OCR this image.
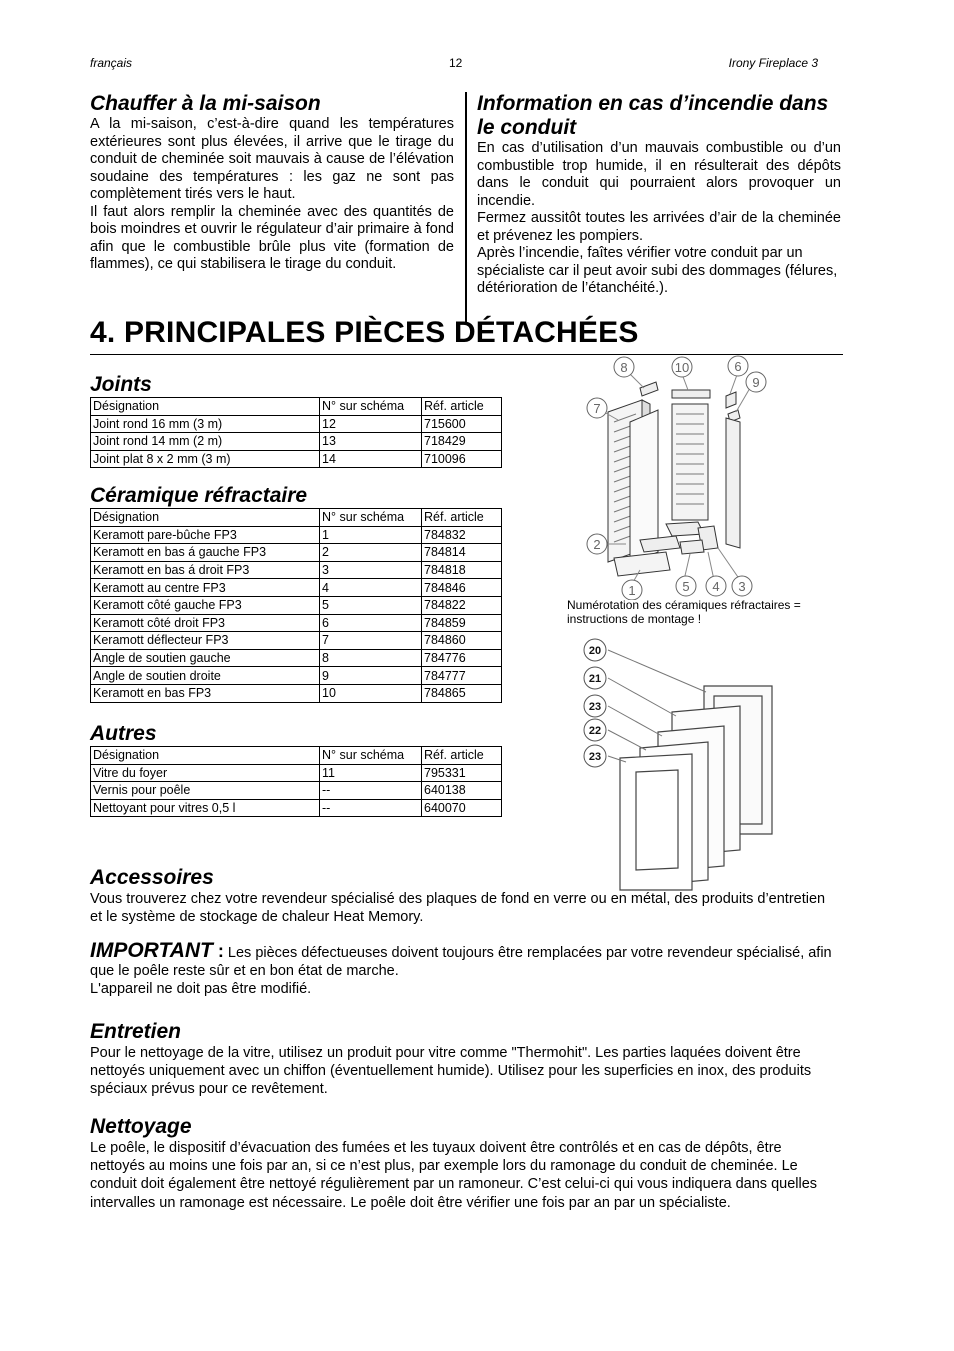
français	12	Irony Fireplace 3
Chauffer à la mi-saison

A la mi-saison, c’est-à-dire quand les températures extérieures sont plus élevées, il arrive que le tirage du conduit de cheminée soit mauvais à cause de l’élévation soudaine des températures : les gaz ne sont pas complètement tirés vers le haut.

Il faut alors remplir la cheminée avec des quantités de bois moindres et ouvrir le régulateur d’air primaire à fond afin que le combustible brûle plus vite (formation de flammes), ce qui stabilisera le tirage du conduit.

Information en cas d’incendie dans le conduit

En cas d’utilisation d’un mauvais combustible ou d’un combustible trop humide, il en résulterait des dépôts dans le conduit qui pourraient alors provoquer un incendie.

Fermez aussitôt toutes les arrivées d’air de la cheminée et prévenez les pompiers.

Après l’incendie, faîtes vérifier votre conduit par un spécialiste car il peut avoir subi des dommages (félures, détérioration de l’étanchéité.).

4. PRINCIPALES PIÈCES DÉTACHÉES
Joints
Désignation	N° sur schéma	Réf. article
Joint rond 16 mm (3 m)	12	715600
Joint rond 14 mm (2 m)	13	718429
Joint plat 8 x 2 mm (3 m)	14	710096
Céramique réfractaire
Désignation	N° sur schéma	Réf. article
Keramott pare-bûche FP3	1	784832
Keramott en bas á gauche FP3	2	784814
Keramott en bas á droit FP3	3	784818
Keramott au centre FP3	4	784846
Keramott côté gauche FP3	5	784822
Keramott côté droit FP3	6	784859
Keramott déflecteur FP3	7	784860
Angle de soutien gauche	8	784776
Angle de soutien droite	9	784777
Keramott en bas FP3	10	784865
Autres
Désignation	N° sur schéma	Réf. article
Vitre du foyer	11	795331
Vernis pour poêle	--	640138
Nettoyant pour vitres 0,5 l	--	640070
8	10	6
9
7
2
1	5 4 3
Numérotation des céramiques réfractaires = instructions de montage !
20
21
23
22
23
Accessoires

Vous trouverez chez votre revendeur spécialisé des plaques de fond en verre ou en métal, des produits d’entretien et le système de stockage de chaleur Heat Memory.

IMPORTANT : Les pièces défectueuses doivent toujours être remplacées par votre revendeur spécialisé, afin que le poêle reste sûr et en bon état de marche.

L'appareil ne doit pas être modifié.

Entretien

Pour le nettoyage de la vitre, utilisez un produit pour vitre comme "Thermohit". Les parties laquées doivent être nettoyés uniquement avec un chiffon (éventuellement humide). Utilisez pour les superficies en inox, des produits spéciaux prévus pour ce revêtement.

Nettoyage

Le poêle, le dispositif d’évacuation des fumées et les tuyaux doivent être contrôlés et en cas de dépôts, être nettoyés au moins une fois par an, si ce n’est plus, par exemple lors du ramonage du conduit de cheminée. Le conduit doit également être nettoyé régulièrement par un ramoneur. C’est celui-ci qui vous indiquera dans quelles intervalles un ramonage est nécessaire. Le poêle doit être vérifier une fois par an par un spécialiste.
